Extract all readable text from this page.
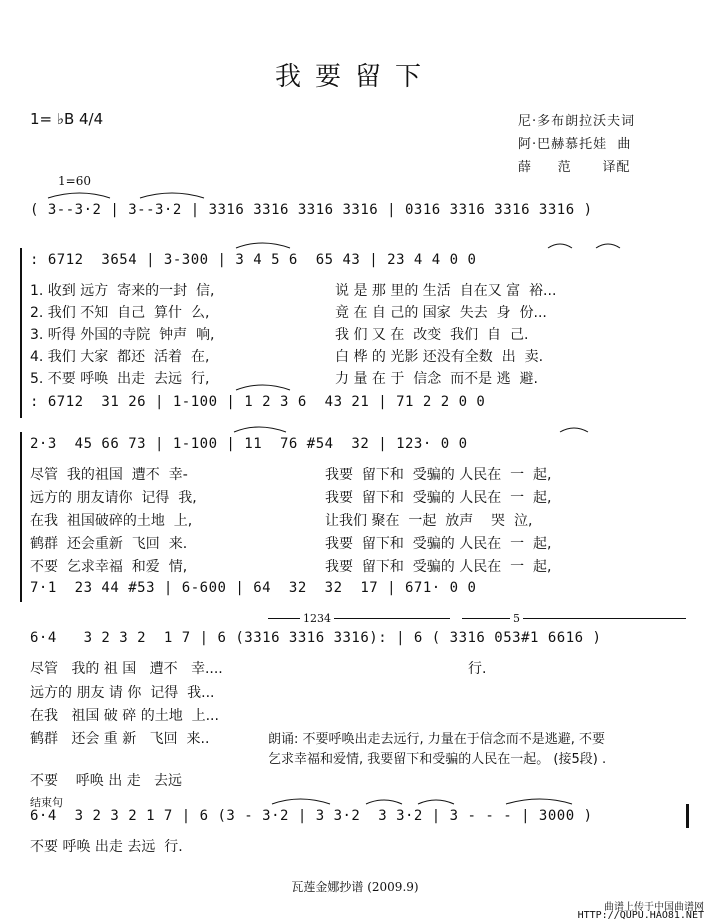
我要留下
1= ♭B 4/4	尼·多布朗拉沃夫词
阿·巴赫慕托娃  曲
薛     范      译配
1=60
( 3--3·2 | 3--3·2 | 3316 3316 3316 3316 | 0316 3316 3316 3316 )
: 6712  3654 | 3-300 | 3 4 5 6  65 43 | 23 4 4 0 0
1. 收到 远方  寄来的一封  信,	说 是 那 里的 生活  自在又 富  裕...
2. 我们 不知  自己  算什  么,	竟 在 自 己的 国家  失去  身  份...
3. 听得 外国的寺院  钟声  响,	我 们 又 在  改变  我们  自  己.
4. 我们 大家  都还  活着  在,	白 桦 的 光影 还没有全数  出  卖.
5. 不要 呼唤  出走  去远  行,	力 量 在 于  信念  而不是 逃  避.
: 6712  31 26 | 1-100 | 1 2 3 6  43 21 | 71 2 2 0 0
2·3  45 66 73 | 1-100 | 11  76 #54  32 | 123· 0 0
尽管  我的祖国  遭不  幸-	我要  留下和  受骗的 人民在  一  起,
远方的 朋友请你  记得  我,	我要  留下和  受骗的 人民在  一  起,
在我  祖国破碎的土地  上,	让我们 聚在  一起  放声    哭  泣,
鹤群  还会重新  飞回  来.	我要  留下和  受骗的 人民在  一  起,
不要  乞求幸福  和爱  情,	我要  留下和  受骗的 人民在  一  起,
7·1  23 44 #53 | 6-600 | 64  32  32  17 | 671· 0 0
1234	5
6·4   3 2 3 2  1 7 | 6 (3316 3316 3316): | 6 ( 3316 053#1 6616 )
尽管   我的 祖 国   遭不   幸....	行.
远方的 朋友 请 你  记得  我...
在我   祖国 破 碎 的土地  上...
鹤群   还会 重 新   飞回  来..	朗诵: 不要呼唤出走去远行, 力量在于信念而不是逃避, 不要
乞求幸福和爱情, 我要留下和受骗的人民在一起。 (接5段) .
不要    呼唤 出 走   去远
结束句
6·4  3 2 3 2 1 7 | 6 (3 - 3·2 | 3 3·2  3 3·2 | 3 - - - | 3000 )
不要 呼唤 出走 去远  行.
瓦莲金娜抄谱 (2009.9)
曲谱上传于中国曲谱网
HTTP://QUPU.HAO81.NET
